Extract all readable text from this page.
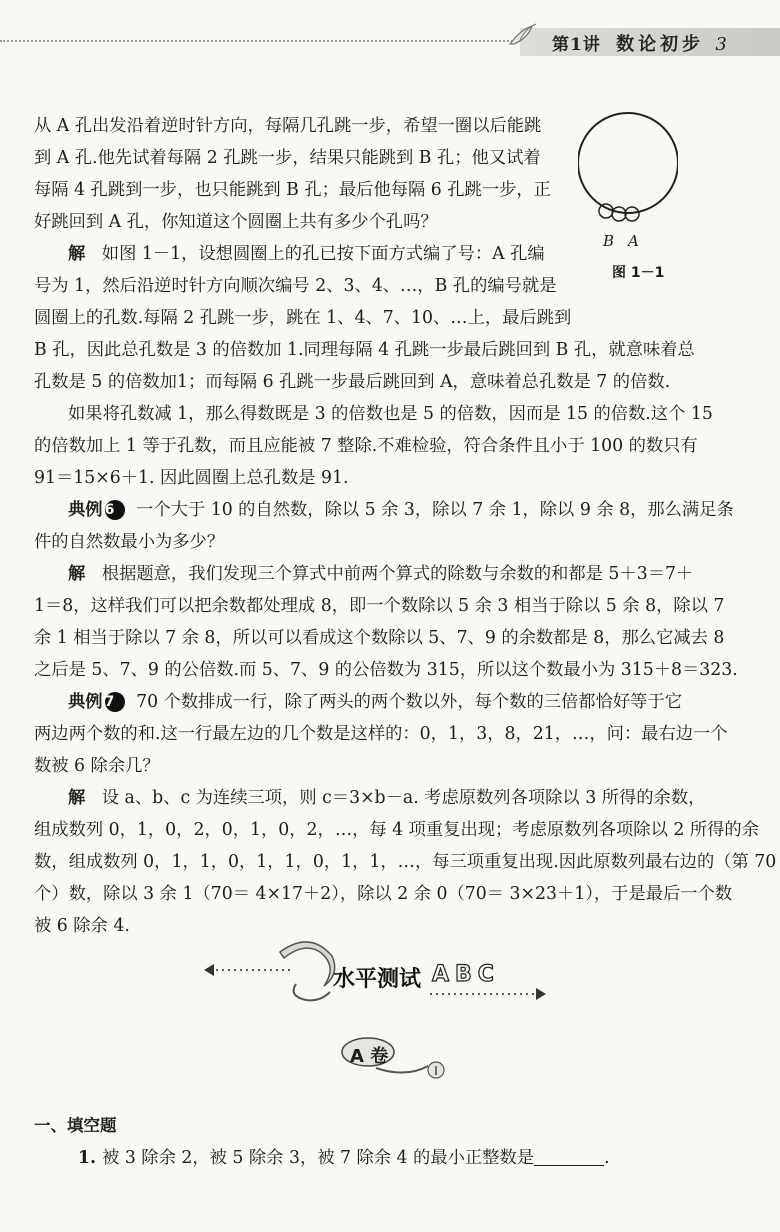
第1讲 数论初步 3
B A
图 1－1
从 A 孔出发沿着逆时针方向，每隔几孔跳一步，希望一圈以后能跳
到 A 孔.他先试着每隔 2 孔跳一步，结果只能跳到 B 孔；他又试着
每隔 4 孔跳到一步，也只能跳到 B 孔；最后他每隔 6 孔跳一步，正
好跳回到 A 孔，你知道这个圆圈上共有多少个孔吗？
解 如图 1－1，设想圆圈上的孔已按下面方式编了号：A 孔编
号为 1，然后沿逆时针方向顺次编号 2、3、4、…，B 孔的编号就是
圆圈上的孔数.每隔 2 孔跳一步，跳在 1、4、7、10、…上，最后跳到
B 孔，因此总孔数是 3 的倍数加 1.同理每隔 4 孔跳一步最后跳回到 B 孔，就意味着总
孔数是 5 的倍数加1；而每隔 6 孔跳一步最后跳回到 A，意味着总孔数是 7 的倍数.
如果将孔数减 1，那么得数既是 3 的倍数也是 5 的倍数，因而是 15 的倍数.这个 15
的倍数加上 1 等于孔数，而且应能被 7 整除.不难检验，符合条件且小于 100 的数只有
91＝15×6＋1. 因此圆圈上总孔数是 91.
典例 6 一个大于 10 的自然数，除以 5 余 3，除以 7 余 1，除以 9 余 8，那么满足条
件的自然数最小为多少？
解 根据题意，我们发现三个算式中前两个算式的除数与余数的和都是 5＋3＝7＋
1＝8，这样我们可以把余数都处理成 8，即一个数除以 5 余 3 相当于除以 5 余 8，除以 7
余 1 相当于除以 7 余 8，所以可以看成这个数除以 5、7、9 的余数都是 8，那么它减去 8
之后是 5、7、9 的公倍数.而 5、7、9 的公倍数为 315，所以这个数最小为 315＋8＝323.
典例 7 70 个数排成一行，除了两头的两个数以外，每个数的三倍都恰好等于它
两边两个数的和.这一行最左边的几个数是这样的：0，1，3，8，21，…，问：最右边一个
数被 6 除余几？
解 设 a、b、c 为连续三项，则 c＝3×b－a. 考虑原数列各项除以 3 所得的余数，
组成数列 0，1，0，2，0，1，0，2，…，每 4 项重复出现；考虑原数列各项除以 2 所得的余
数，组成数列 0，1，1，0，1，1，0，1，1，…，每三项重复出现.因此原数列最右边的（第 70
个）数，除以 3 余 1（70＝ 4×17＋2），除以 2 余 0（70＝ 3×23＋1），于是最后一个数
被 6 除余 4.
水平测试 ABC
A 卷
一、填空题
1. 被 3 除余 2，被 5 除余 3，被 7 除余 4 的最小正整数是	.
